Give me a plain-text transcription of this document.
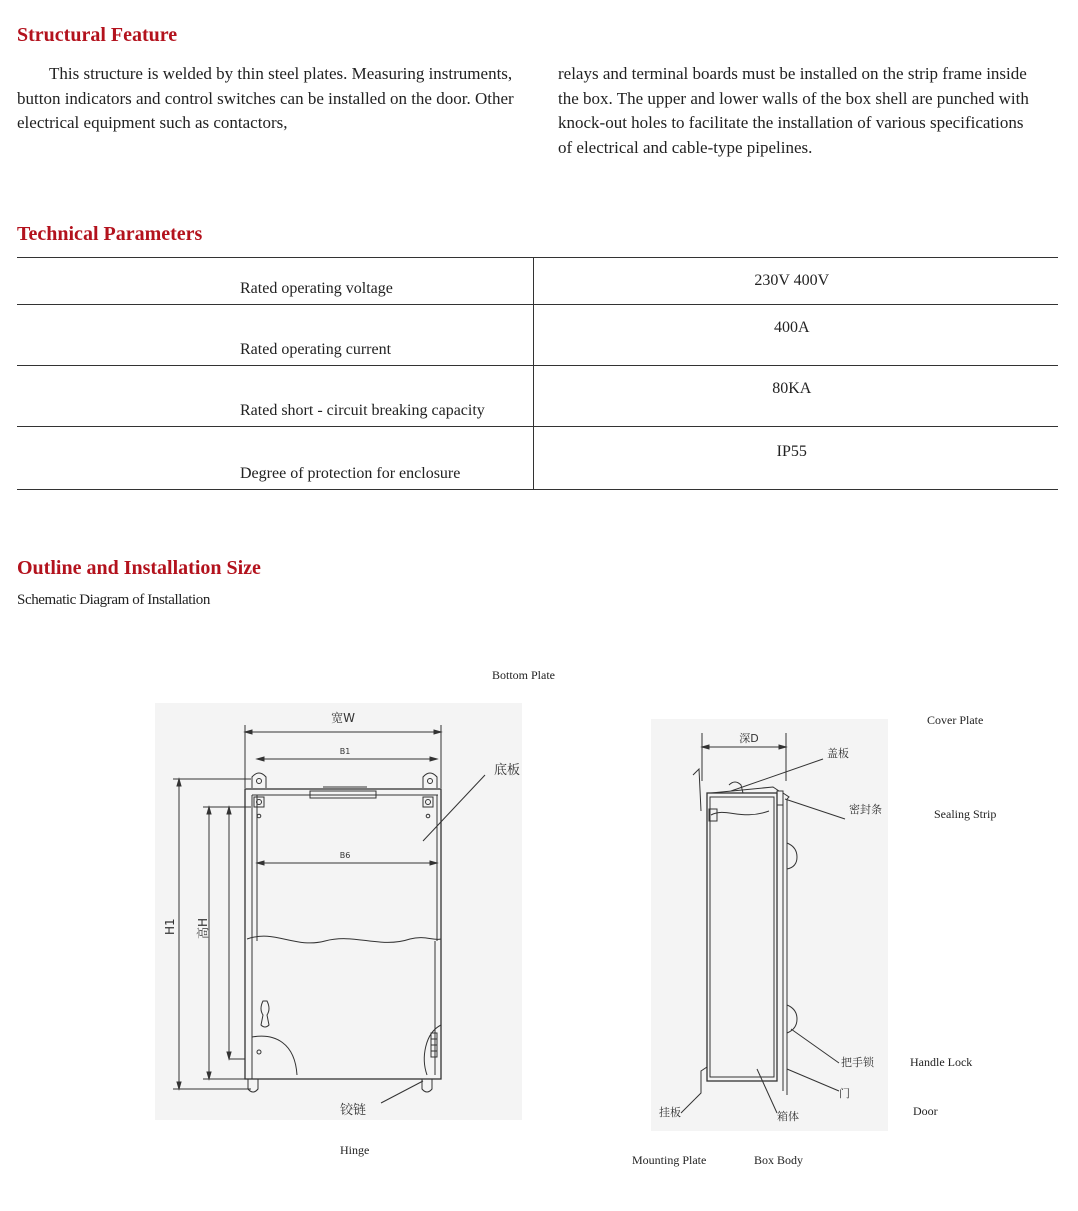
Structural Feature

This structure is welded by thin steel plates. Measuring instruments, button indicators and control switches can be installed on the door. Other electrical equipment such as contactors,

relays and terminal boards must be installed on the strip frame inside the box. The upper and lower walls of the box shell are punched with knock-out holes to facilitate the installation of various specifications of electrical and cable-type pipelines.

Technical Parameters
Rated operating voltage	230V 400V
Rated operating current	400A
Rated short - circuit breaking capacity	80KA
Degree of protection for enclosure	IP55
Outline and Installation Size

Schematic Diagram of Installation

Bottom Plate
Hinge
Cover Plate
Sealing Strip
Handle Lock
Door
Mounting Plate	Box Body
宽W
B1
B6
底板
铰链
H1 高H
深D
盖板
密封条
把手锁
门
挂板	箱体
